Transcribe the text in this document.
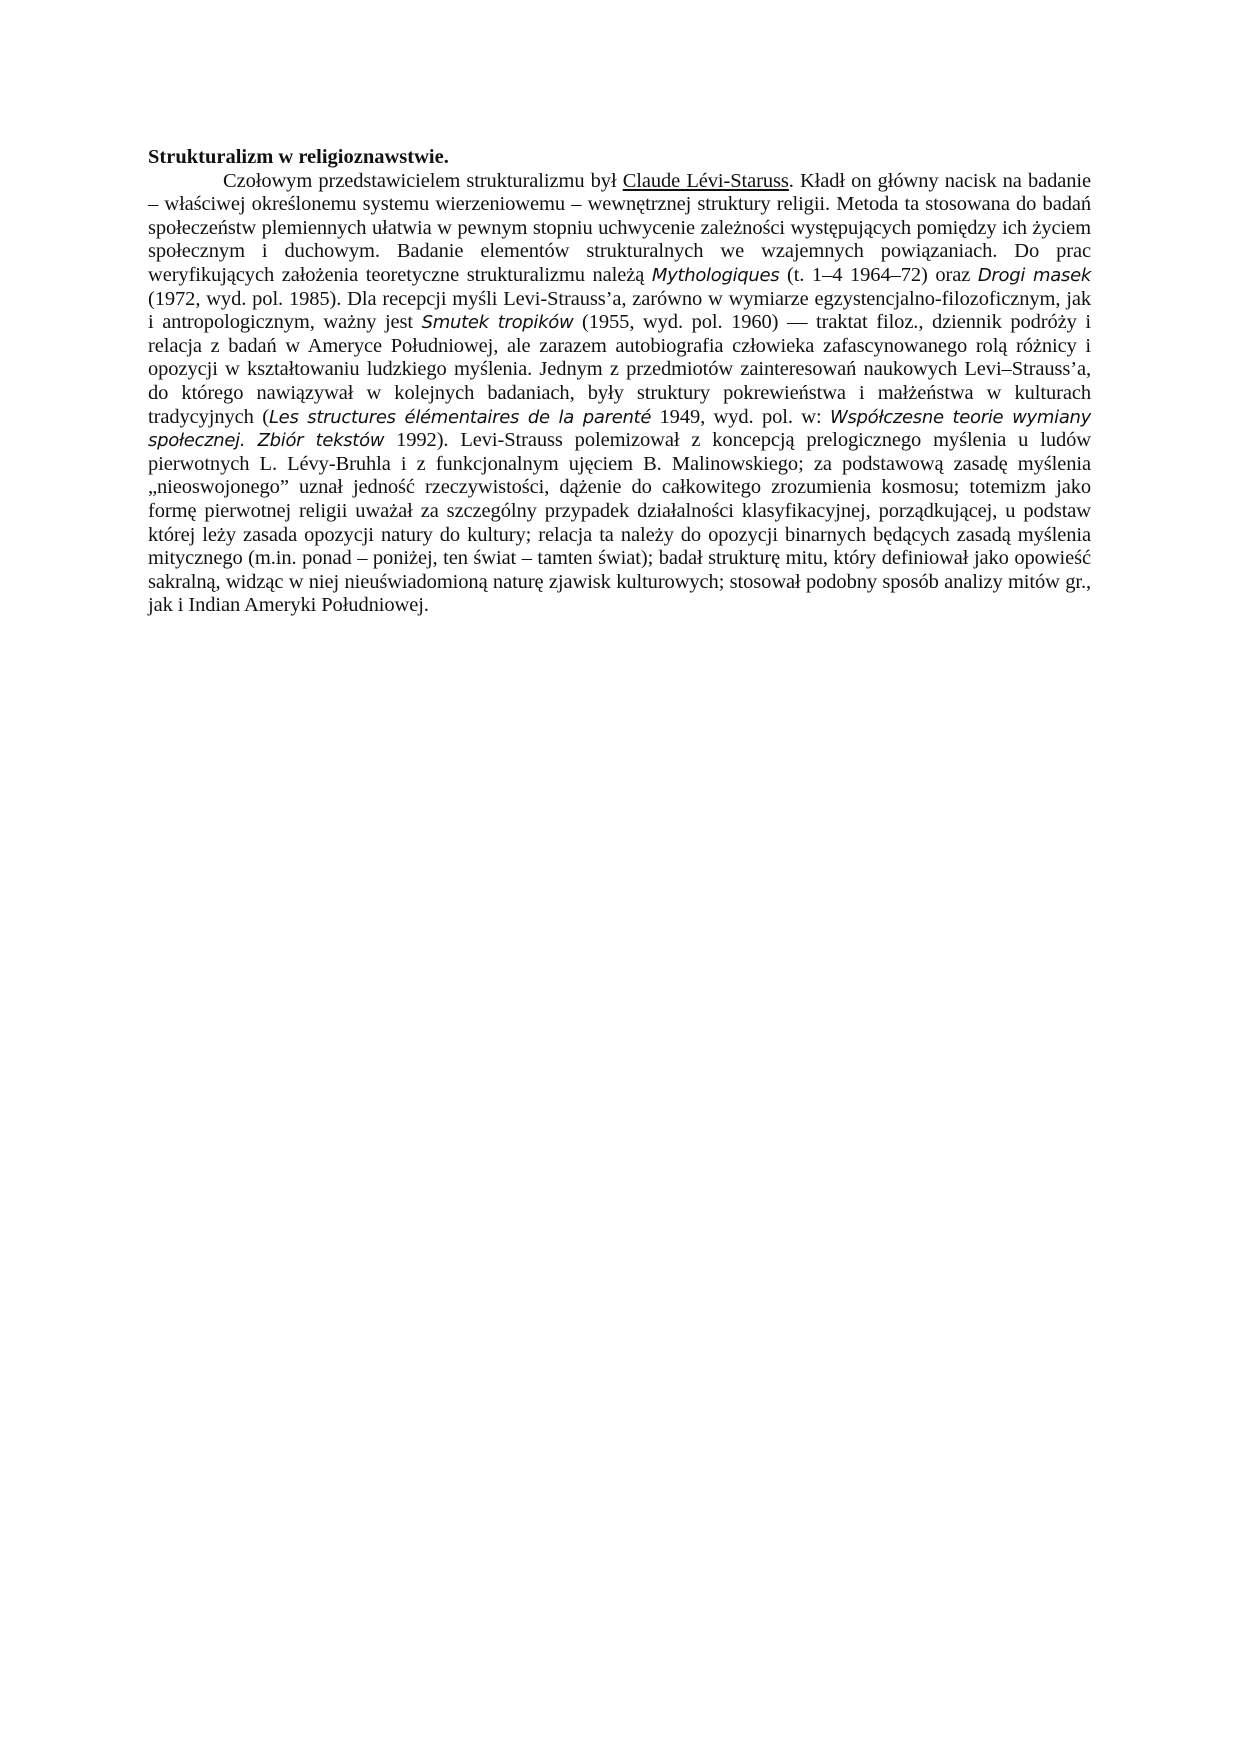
Strukturalizm w religioznawstwie.

Czołowym przedstawicielem strukturalizmu był Claude Lévi-Staruss. Kładł on główny nacisk na badanie – właściwej określonemu systemu wierzeniowemu – wewnętrznej struktury religii. Metoda ta stosowana do badań społeczeństw plemiennych ułatwia w pewnym stopniu uchwycenie zależności występujących pomiędzy ich życiem społecznym i duchowym. Badanie elementów strukturalnych we wzajemnych powiązaniach. Do prac weryfikujących założenia teoretyczne strukturalizmu należą Mythologiques (t. 1–4 1964–72) oraz Drogi masek (1972, wyd. pol. 1985). Dla recepcji myśli Levi-Strauss’a, zarówno w wymiarze egzystencjalno-filozoficznym, jak i antropologicznym, ważny jest Smutek tropików (1955, wyd. pol. 1960) — traktat filoz., dziennik podróży i relacja z badań w Ameryce Południowej, ale zarazem autobiografia człowieka zafascynowanego rolą różnicy i opozycji w kształtowaniu ludzkiego myślenia. Jednym z przedmiotów zainteresowań naukowych Levi–Strauss’a, do którego nawiązywał w kolejnych badaniach, były struktury pokrewieństwa i małżeństwa w kulturach tradycyjnych (Les structures élémentaires de la parenté 1949, wyd. pol. w: Współczesne teorie wymiany społecznej. Zbiór tekstów 1992). Levi-Strauss polemizował z koncepcją prelogicznego myślenia u ludów pierwotnych L. Lévy-Bruhla i z funkcjonalnym ujęciem B. Malinowskiego; za podstawową zasadę myślenia „nieoswojonego” uznał jedność rzeczywistości, dążenie do całkowitego zrozumienia kosmosu; totemizm jako formę pierwotnej religii uważał za szczególny przypadek działalności klasyfikacyjnej, porządkującej, u podstaw której leży zasada opozycji natury do kultury; relacja ta należy do opozycji binarnych będących zasadą myślenia mitycznego (m.in. ponad – poniżej, ten świat – tamten świat); badał strukturę mitu, który definiował jako opowieść sakralną, widząc w niej nieuświadomioną naturę zjawisk kulturowych; stosował podobny sposób analizy mitów gr., jak i Indian Ameryki Południowej.
